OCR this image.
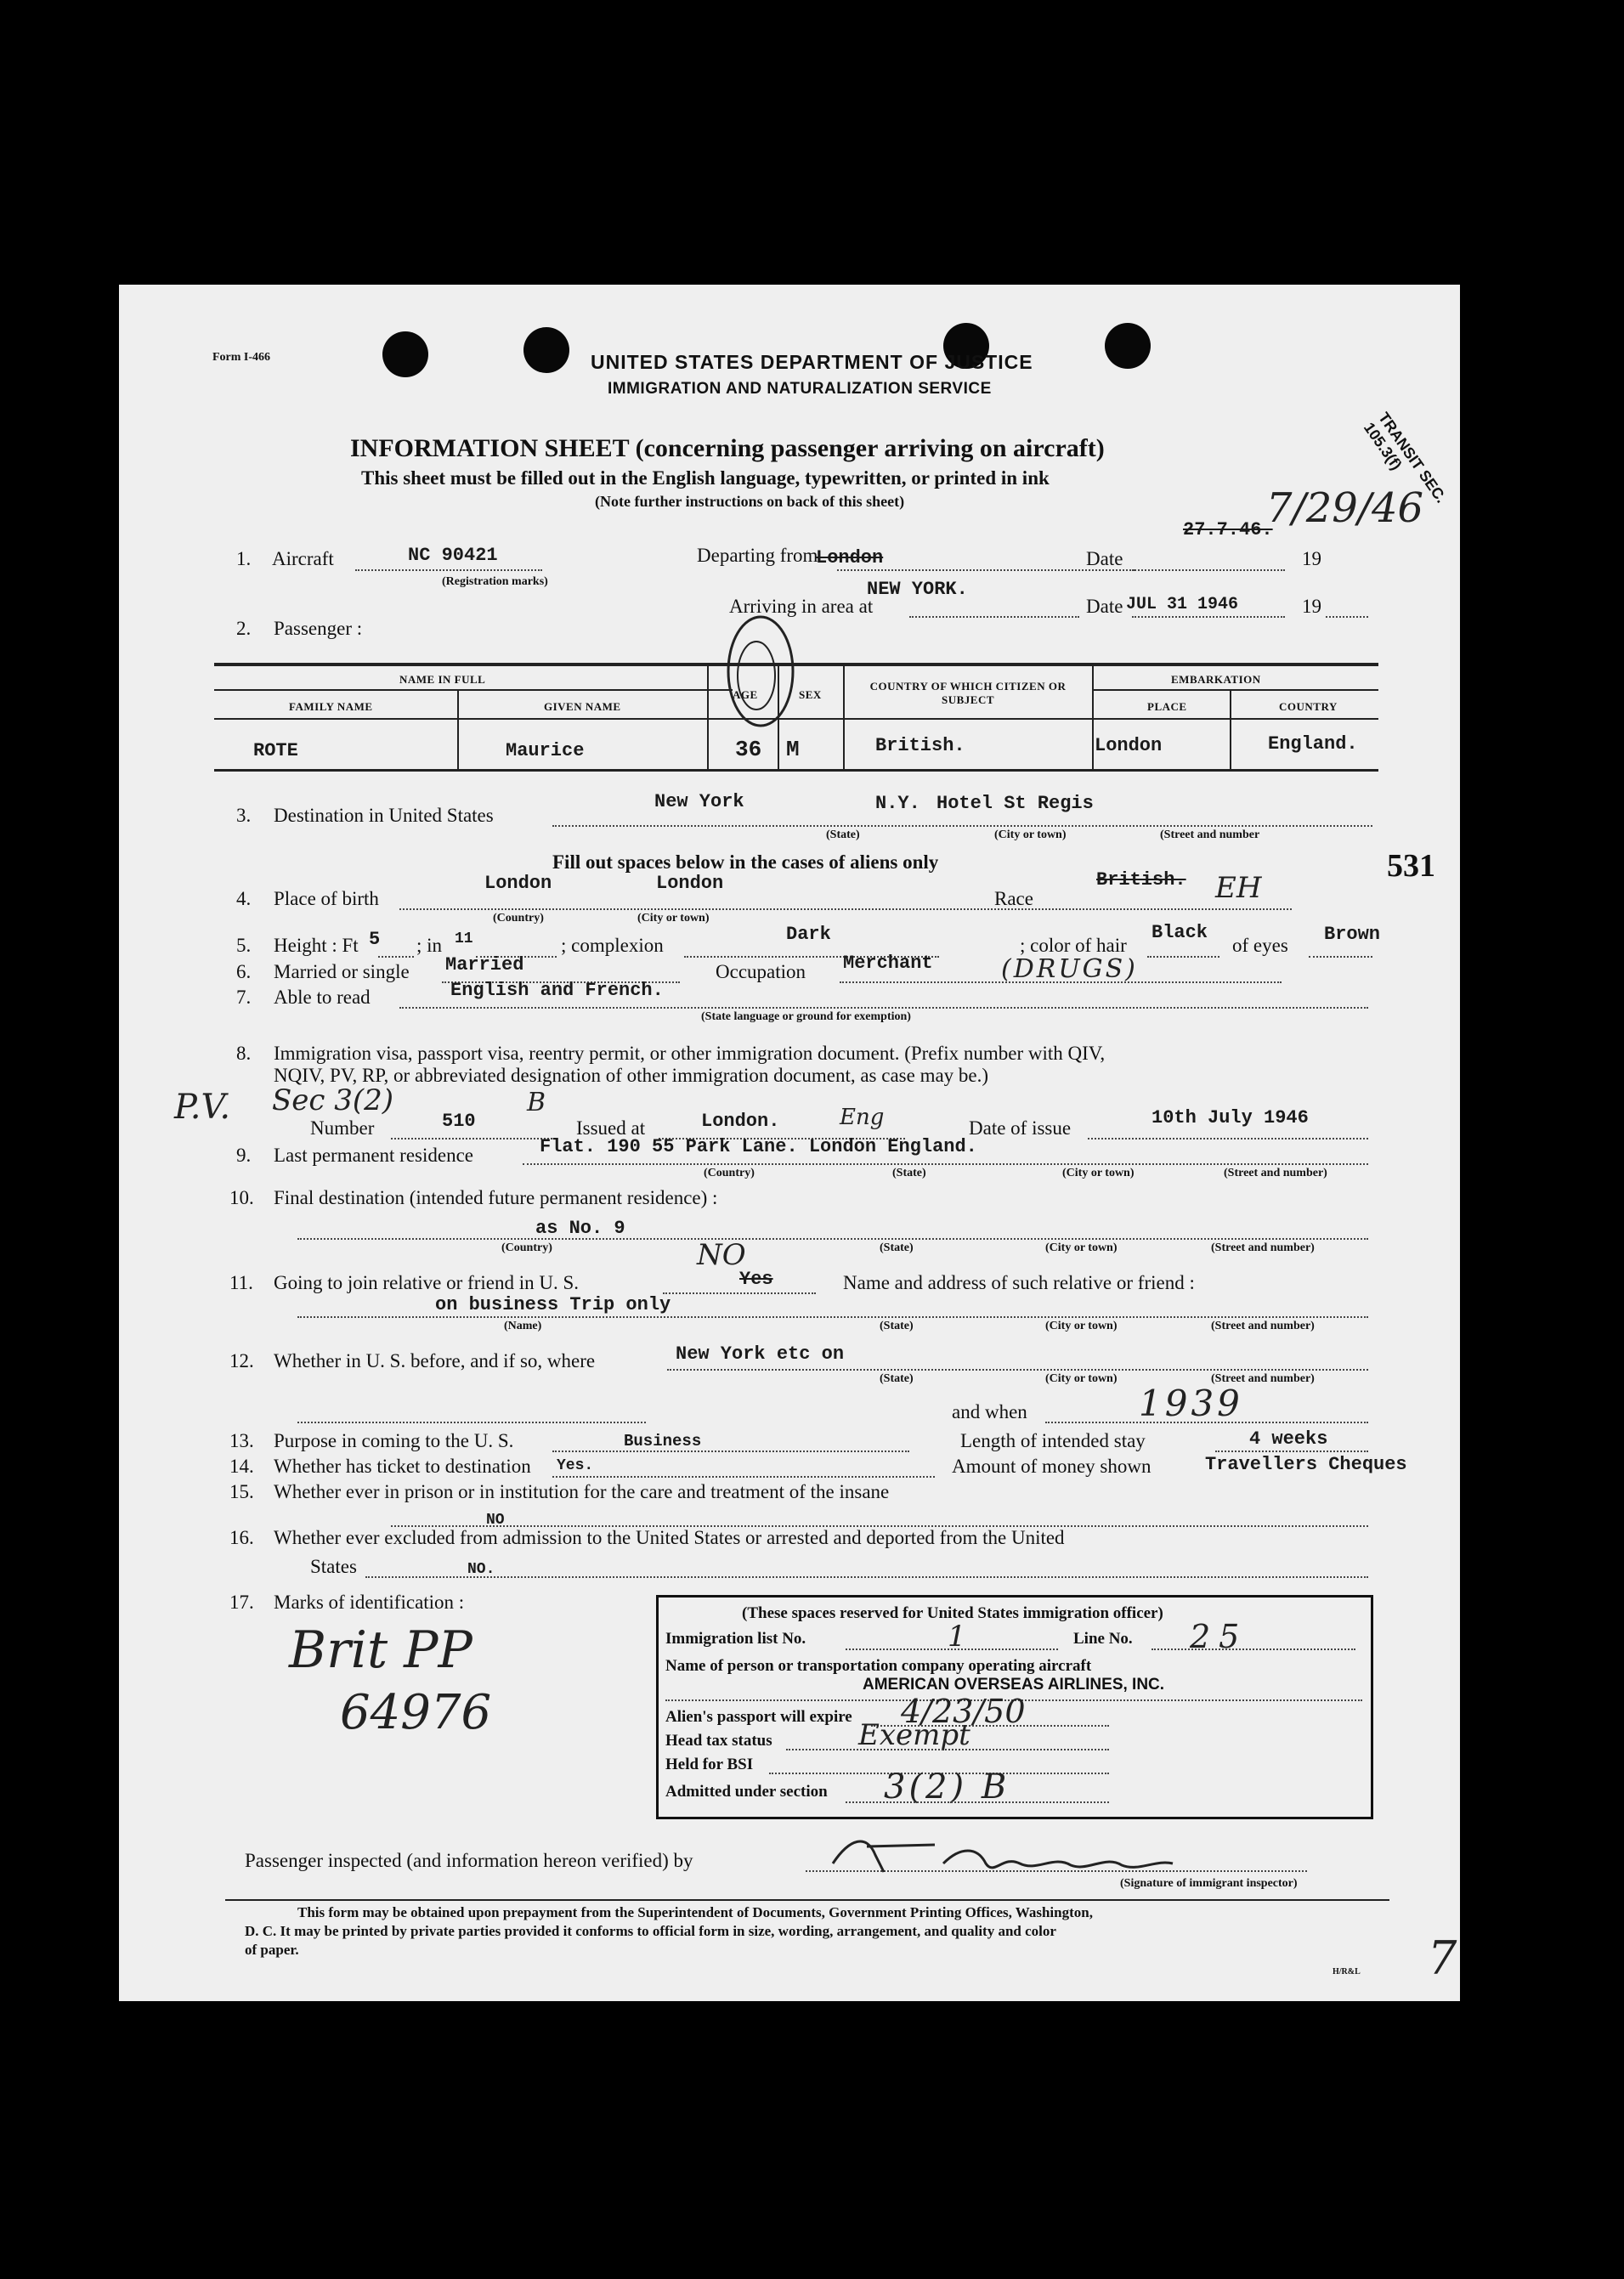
Form I-466	UNITED STATES DEPARTMENT OF JUSTICE
IMMIGRATION AND NATURALIZATION SERVICE
INFORMATION SHEET (concerning passenger arriving on aircraft)
This sheet must be filled out in the English language, typewritten, or printed in ink
(Note further instructions on back of this sheet)	TRANSIT SEC. 105.3(f)
531
1. Aircraft	NC 90421
(Registration marks)
Departing from
London	Date
27.7.46.
7/29/46
19
NEW YORK.
Arriving in area at	Date JUL 31 1946	19
2. Passenger :
NAME IN FULL
FAMILY NAME	GIVEN NAME
AGE	SEX
COUNTRY OF WHICH CITIZEN OR SUBJECT
EMBARKATION
PLACE	COUNTRY
ROTE	Maurice	36 M	British.	London	England.
3. Destination in United States
New York	N.Y. Hotel St Regis
(State)	(City or town)	(Street and number
Fill out spaces below in the cases of aliens only
4. Place of birth
London	London
(Country)	(City or town)
Race
British. EH
5. Height : Ft 5 ; in 11	; complexion
Dark
; color of hair
Black
of eyes
Brown
6. Married or single Married	Occupation Merchant	(DRUGS)
7. Able to read	English and French.
(State language or ground for exemption)
8. Immigration visa, passport visa, reentry permit, or other immigration document. (Prefix number with QIV,
NQIV, PV, RP, or abbreviated designation of other immigration document, as case may be.)
P.V. Sec 3(2)	B
Number	510	Issued at	London.	Eng	Date of issue	10th July 1946
9. Last permanent residence	Flat. 190 55 Park Lane. London England.
(Country)	(State)	(City or town)	(Street and number)
10. Final destination (intended future permanent residence) :
as No. 9
(Country)	(State)	(City or town)	(Street and number)
11. Going to join relative or friend in U. S.
NO
Yes	Name and address of such relative or friend :
on business Trip only
(Name)	(State)	(City or town)	(Street and number)
12. Whether in U. S. before, and if so, where	New York etc on
(State)	(City or town)	(Street and number)
and when	1939
13. Purpose in coming to the U. S.	Business	Length of intended stay	4 weeks
14. Whether has ticket to destination Yes.	Amount of money shown	Travellers Cheques
15. Whether ever in prison or in institution for the care and treatment of the insane
NO
16. Whether ever excluded from admission to the United States or arrested and deported from the United
States	NO.
17. Marks of identification :
Brit PP
64976
(These spaces reserved for United States immigration officer)
Immigration list No.	1	Line No. 25
Name of person or transportation company operating aircraft
AMERICAN OVERSEAS AIRLINES, INC.
Alien's passport will expire 4/23/50
Head tax status	Exempt
Held for BSI
Admitted under section 3(2) B
Passenger inspected (and information hereon verified) by
(Signature of immigrant inspector)
This form may be obtained upon prepayment from the Superintendent of Documents, Government Printing Offices, Washington,
D. C. It may be printed by private parties provided it conforms to official form in size, wording, arrangement, and quality and color
of paper.
H/R&L 7
